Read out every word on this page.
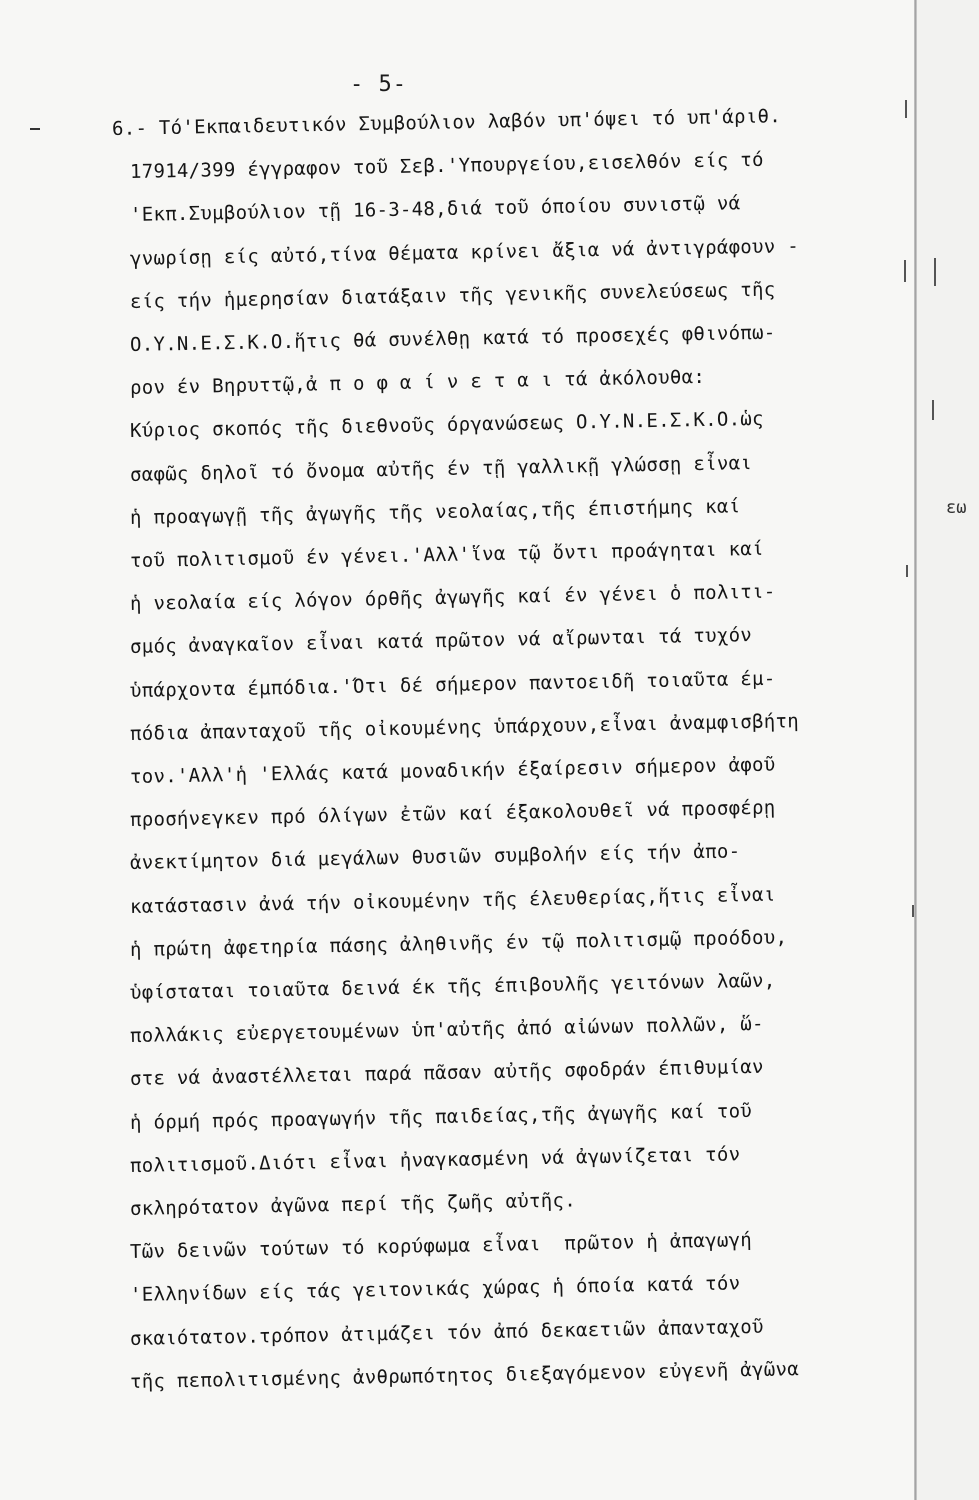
- 5-
6.- Τό'Εκπαιδευτικόν Συμβούλιον λαβόν υπ'όψει τό υπ'άριθ.
17914/399 έγγραφον τοῦ Σεβ.'Υπουργείου,εισελθόν είς τό
'Εκπ.Συμβούλιον τῇ 16-3-48,διά τοῦ όποίου συνιστῷ νά
γνωρίσῃ είς αὐτό,τίνα θέματα κρίνει ἄξια νά ἀντιγράφουν -
είς τήν ἡμερησίαν διατάξαιν τῆς γενικῆς συνελεύσεως τῆς
Ο.Υ.Ν.Ε.Σ.Κ.Ο.ἥτις θά συνέλθῃ κατά τό προσεχές φθινόπω-
ρον έν Βηρυττῷ,ἀ π ο φ α ί ν ε τ α ι τά ἀκόλουθα:
Κύριος σκοπός τῆς διεθνοῦς όργανώσεως Ο.Υ.Ν.Ε.Σ.Κ.Ο.ὡς
σαφῶς δηλοῖ τό ὄνομα αὐτῆς έν τῇ γαλλικῇ γλώσσῃ εἶναι
ἡ προαγωγῇ τῆς ἀγωγῆς τῆς νεολαίας,τῆς έπιστήμης καί
τοῦ πολιτισμοῦ έν γένει.'Αλλ'ἵνα τῷ ὄντι προάγηται καί
ἡ νεολαία είς λόγον όρθῆς ἀγωγῆς καί έν γένει ὁ πολιτι-
σμός ἀναγκαῖον εἶναι κατά πρῶτον νά αἴρωνται τά τυχόν
ὑπάρχοντα έμπόδια.'Ότι δέ σήμερον παντοειδῆ τοιαῦτα έμ-
πόδια ἀπανταχοῦ τῆς οἰκουμένης ὑπάρχουν,εἶναι ἀναμφισβήτη
τον.'Αλλ'ἡ 'Ελλάς κατά μοναδικήν έξαίρεσιν σήμερον ἀφοῦ
προσήνεγκεν πρό όλίγων ἐτῶν καί έξακολουθεῖ νά προσφέρῃ
ἀνεκτίμητον διά μεγάλων θυσιῶν συμβολήν είς τήν ἀπο-
κατάστασιν ἀνά τήν οἰκουμένην τῆς έλευθερίας,ἥτις εἶναι
ἡ πρώτη ἀφετηρία πάσης ἀληθινῆς έν τῷ πολιτισμῷ προόδου,
ὑφίσταται τοιαῦτα δεινά έκ τῆς έπιβουλῆς γειτόνων λαῶν,
πολλάκις εὐεργετουμένων ὑπ'αὐτῆς ἀπό αἰώνων πολλῶν, ὥ-
στε νά ἀναστέλλεται παρά πᾶσαν αὐτῆς σφοδράν έπιθυμίαν
ἡ όρμή πρός προαγωγήν τῆς παιδείας,τῆς ἀγωγῆς καί τοῦ
πολιτισμοῦ.Διότι εἶναι ἠναγκασμένη νά ἀγωνίζεται τόν
σκληρότατον ἀγῶνα περί τῆς ζωῆς αὐτῆς.
Τῶν δεινῶν τούτων τό κορύφωμα εἶναι  πρῶτον ἡ ἀπαγωγή
'Ελληνίδων είς τάς γειτονικάς χώρας ἡ όποία κατά τόν
σκαιότατον.τρόπον ἀτιμάζει τόν ἀπό δεκαετιῶν ἀπανταχοῦ
τῆς πεπολιτισμένης ἀνθρωπότητος διεξαγόμενον εὐγενῆ ἀγῶνα
εω
